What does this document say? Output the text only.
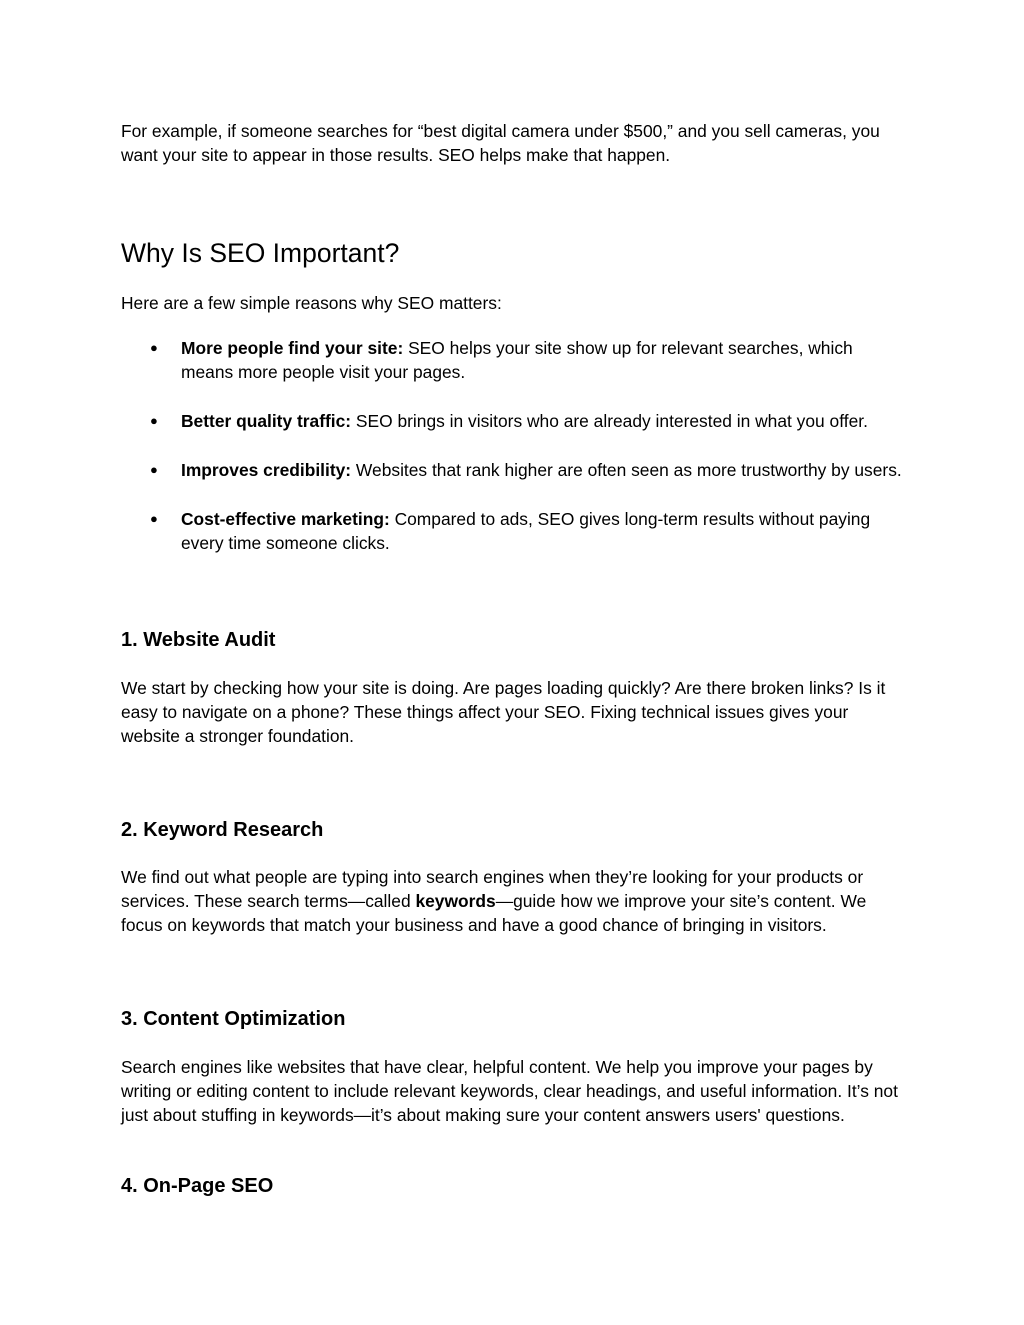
For example, if someone searches for “best digital camera under $500,” and you sell cameras, you want your site to appear in those results. SEO helps make that happen.

Why Is SEO Important?

Here are a few simple reasons why SEO matters:

● More people find your site: SEO helps your site show up for relevant searches, which means more people visit your pages.
● Better quality traffic: SEO brings in visitors who are already interested in what you offer.
● Improves credibility: Websites that rank higher are often seen as more trustworthy by users.
● Cost-effective marketing: Compared to ads, SEO gives long-term results without paying every time someone clicks.
1. Website Audit

We start by checking how your site is doing. Are pages loading quickly? Are there broken links? Is it easy to navigate on a phone? These things affect your SEO. Fixing technical issues gives your website a stronger foundation.

2. Keyword Research

We find out what people are typing into search engines when they’re looking for your products or services. These search terms—called keywords—guide how we improve your site’s content. We focus on keywords that match your business and have a good chance of bringing in visitors.

3. Content Optimization

Search engines like websites that have clear, helpful content. We help you improve your pages by writing or editing content to include relevant keywords, clear headings, and useful information. It’s not just about stuffing in keywords—it’s about making sure your content answers users' questions.

4. On-Page SEO
